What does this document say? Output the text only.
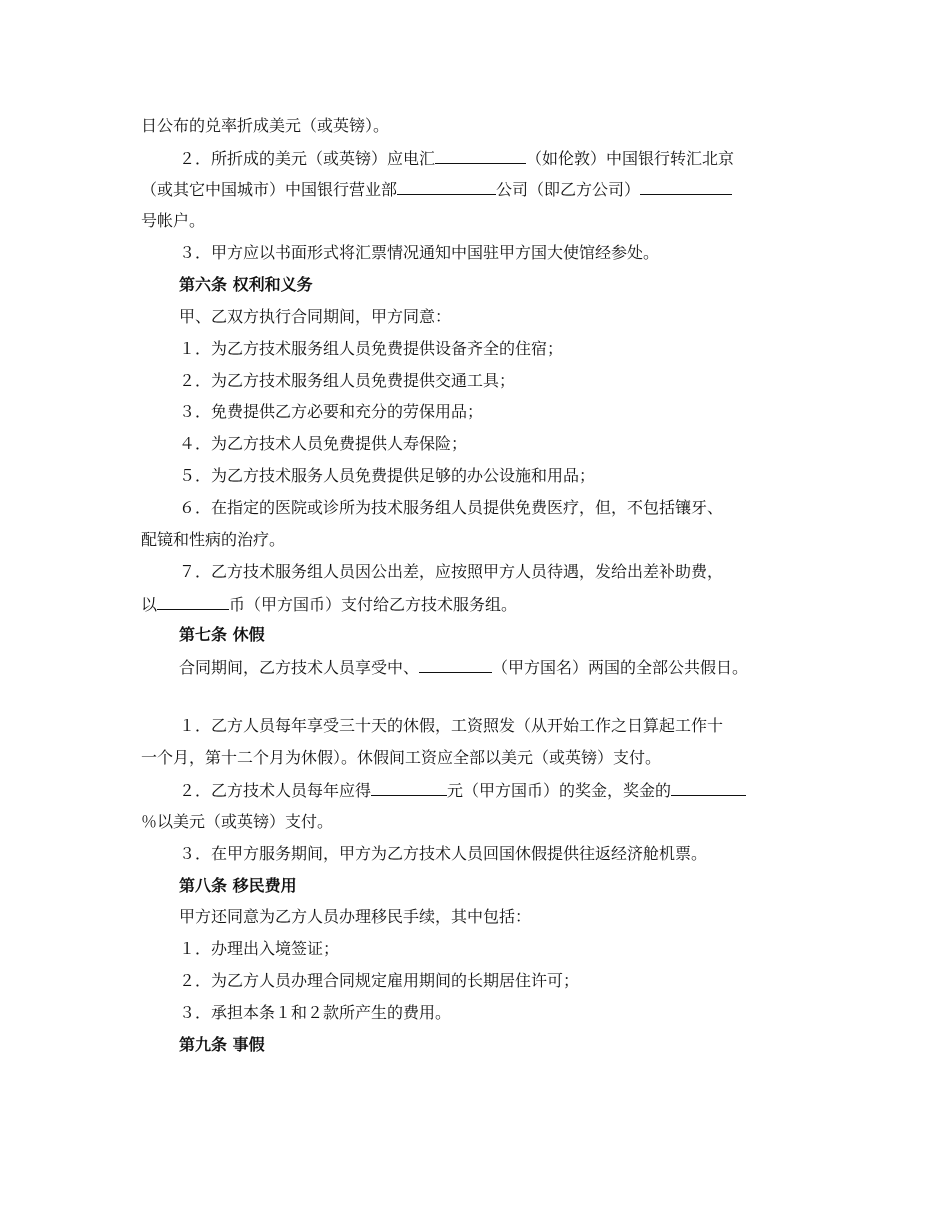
日公布的兑率折成美元（或英镑）。
２．所折成的美元（或英镑）应电汇	（如伦敦）中国银行转汇北京
（或其它中国城市）中国银行营业部	公司（即乙方公司）
号帐户。
３．甲方应以书面形式将汇票情况通知中国驻甲方国大使馆经参处。
第六条 权利和义务
甲、乙双方执行合同期间，甲方同意：
１．为乙方技术服务组人员免费提供设备齐全的住宿；
２．为乙方技术服务组人员免费提供交通工具；
３．免费提供乙方必要和充分的劳保用品；
４．为乙方技术人员免费提供人寿保险；
５．为乙方技术服务人员免费提供足够的办公设施和用品；
６．在指定的医院或诊所为技术服务组人员提供免费医疗，但，不包括镶牙、
配镜和性病的治疗。
７．乙方技术服务组人员因公出差，应按照甲方人员待遇，发给出差补助费，
以	币（甲方国币）支付给乙方技术服务组。
第七条 休假
合同期间，乙方技术人员享受中、	（甲方国名）两国的全部公共假日。
１．乙方人员每年享受三十天的休假，工资照发（从开始工作之日算起工作十
一个月，第十二个月为休假）。休假间工资应全部以美元（或英镑）支付。
２．乙方技术人员每年应得	元（甲方国币）的奖金，奖金的
％以美元（或英镑）支付。
３．在甲方服务期间，甲方为乙方技术人员回国休假提供往返经济舱机票。
第八条 移民费用
甲方还同意为乙方人员办理移民手续，其中包括：
１．办理出入境签证；
２．为乙方人员办理合同规定雇用期间的长期居住许可；
３．承担本条１和２款所产生的费用。
第九条 事假
